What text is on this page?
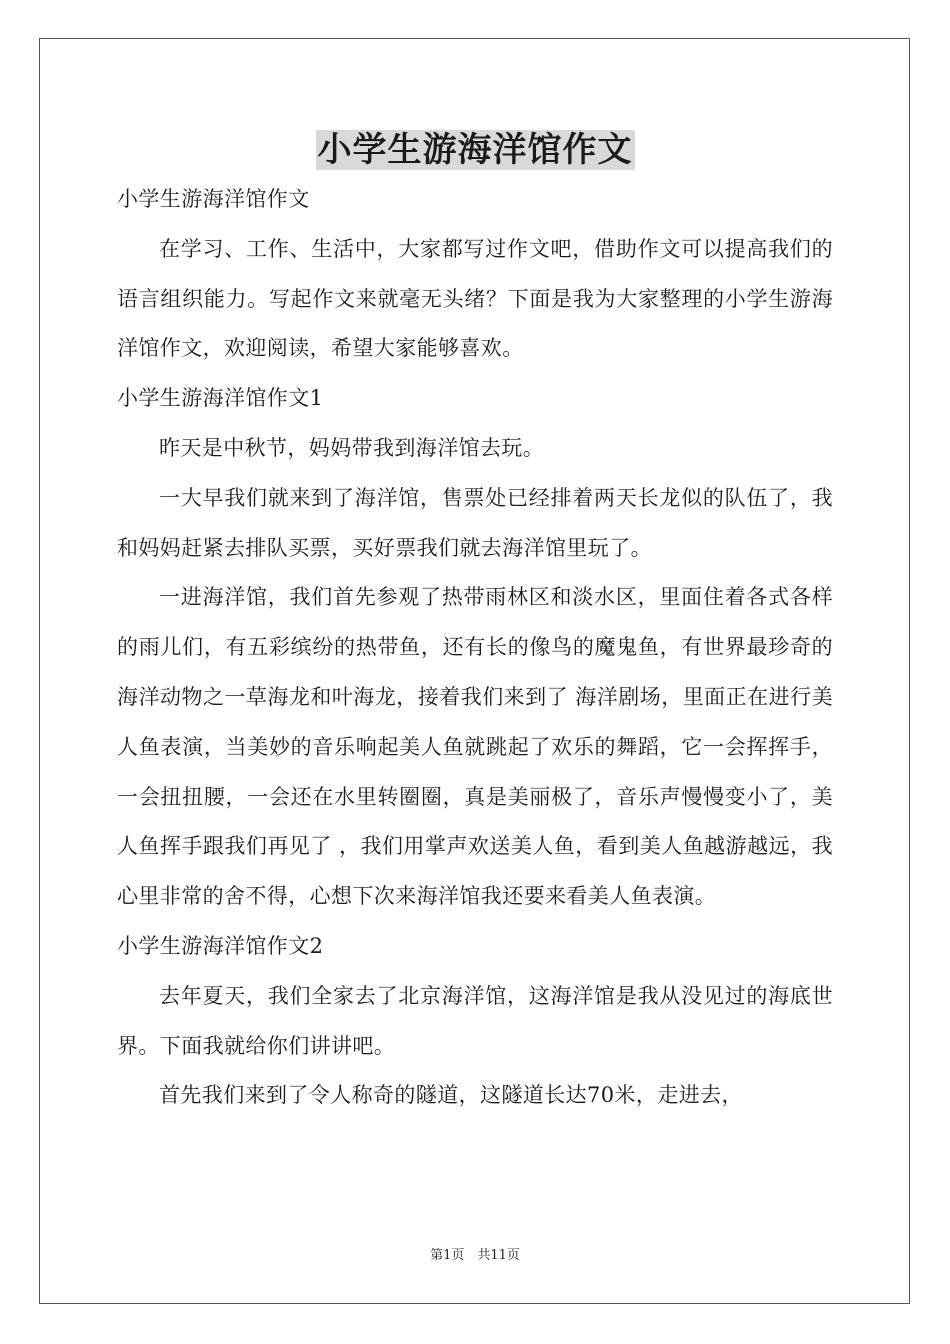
小学生游海洋馆作文

小学生游海洋馆作文

在学习、工作、生活中，大家都写过作文吧，借助作文可以提高我们的语言组织能力。写起作文来就毫无头绪？下面是我为大家整理的小学生游海洋馆作文，欢迎阅读，希望大家能够喜欢。

小学生游海洋馆作文1

昨天是中秋节，妈妈带我到海洋馆去玩。

一大早我们就来到了海洋馆，售票处已经排着两天长龙似的队伍了，我和妈妈赶紧去排队买票，买好票我们就去海洋馆里玩了。

一进海洋馆，我们首先参观了热带雨林区和淡水区，里面住着各式各样的雨儿们，有五彩缤纷的热带鱼，还有长的像鸟的魔鬼鱼，有世界最珍奇的海洋动物之一草海龙和叶海龙，接着我们来到了 海洋剧场，里面正在进行美人鱼表演，当美妙的音乐响起美人鱼就跳起了欢乐的舞蹈，它一会挥挥手，一会扭扭腰，一会还在水里转圈圈，真是美丽极了，音乐声慢慢变小了，美人鱼挥手跟我们再见了 ，我们用掌声欢送美人鱼，看到美人鱼越游越远，我心里非常的舍不得，心想下次来海洋馆我还要来看美人鱼表演。

小学生游海洋馆作文2

去年夏天，我们全家去了北京海洋馆，这海洋馆是我从没见过的海底世界。下面我就给你们讲讲吧。

首先我们来到了令人称奇的隧道，这隧道长达70米，走进去，

第1页　共11页
